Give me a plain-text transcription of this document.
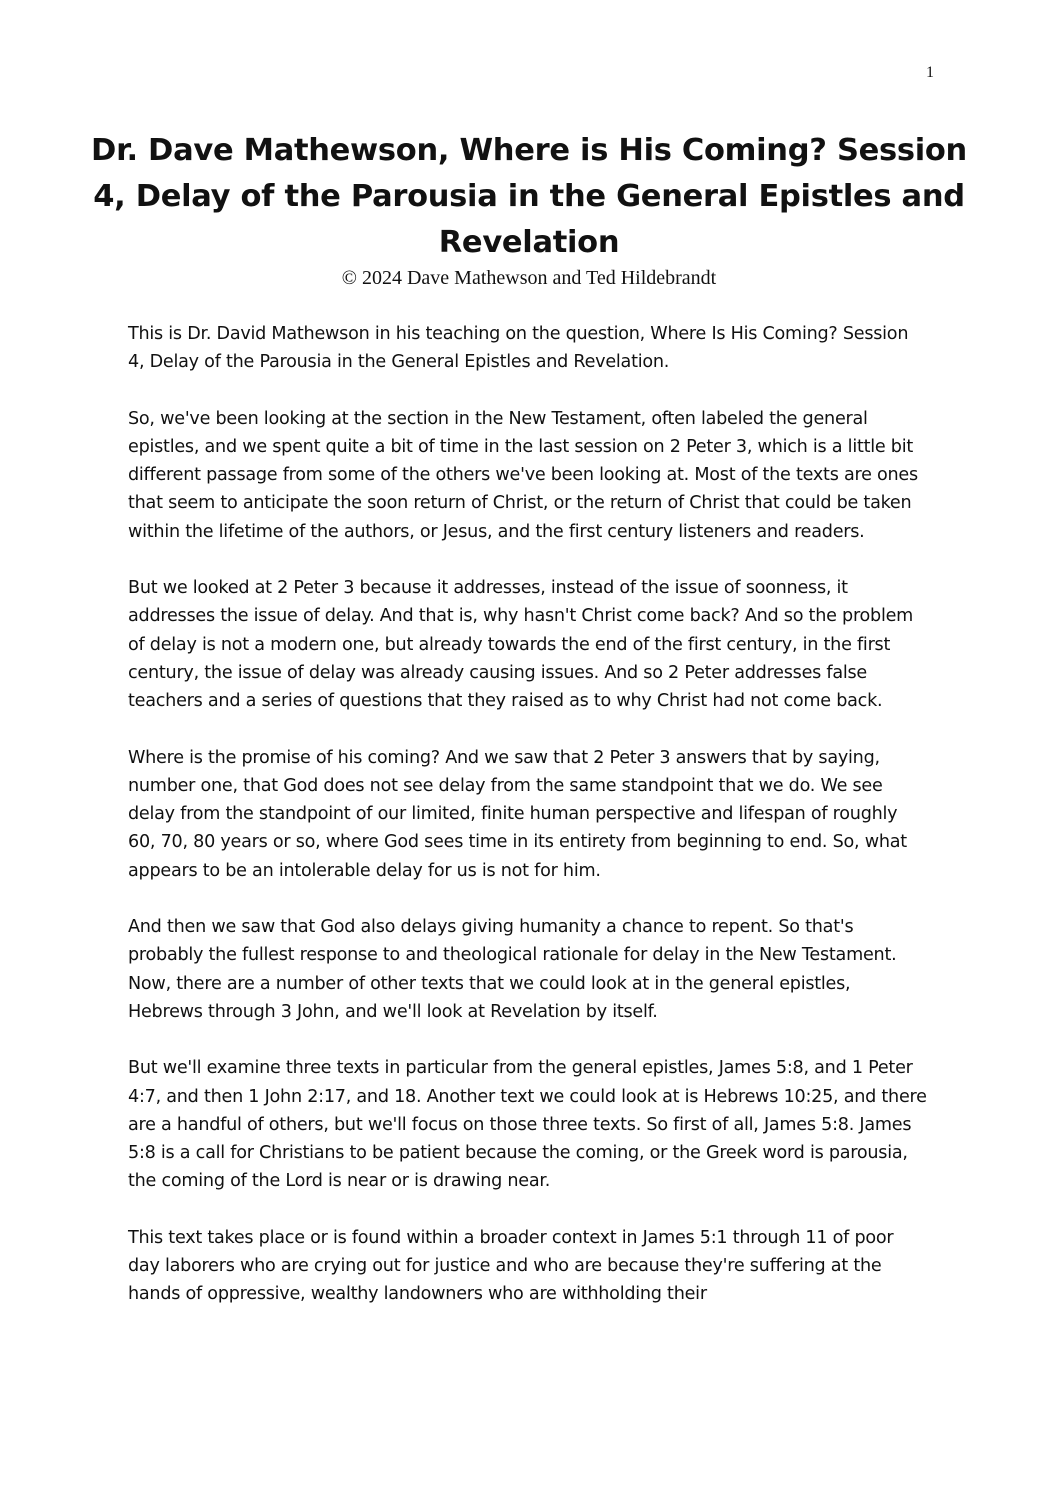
1
Dr. Dave Mathewson, Where is His Coming? Session 4, Delay of the Parousia in the General Epistles and Revelation
© 2024 Dave Mathewson and Ted Hildebrandt

This is Dr. David Mathewson in his teaching on the question, Where Is His Coming? Session 4, Delay of the Parousia in the General Epistles and Revelation.

So, we've been looking at the section in the New Testament, often labeled the general epistles, and we spent quite a bit of time in the last session on 2 Peter 3, which is a little bit different passage from some of the others we've been looking at. Most of the texts are ones that seem to anticipate the soon return of Christ, or the return of Christ that could be taken within the lifetime of the authors, or Jesus, and the first century listeners and readers.

But we looked at 2 Peter 3 because it addresses, instead of the issue of soonness, it addresses the issue of delay. And that is, why hasn't Christ come back? And so the problem of delay is not a modern one, but already towards the end of the first century, in the first century, the issue of delay was already causing issues. And so 2 Peter addresses false teachers and a series of questions that they raised as to why Christ had not come back.

Where is the promise of his coming? And we saw that 2 Peter 3 answers that by saying, number one, that God does not see delay from the same standpoint that we do. We see delay from the standpoint of our limited, finite human perspective and lifespan of roughly 60, 70, 80 years or so, where God sees time in its entirety from beginning to end. So, what appears to be an intolerable delay for us is not for him.

And then we saw that God also delays giving humanity a chance to repent. So that's probably the fullest response to and theological rationale for delay in the New Testament. Now, there are a number of other texts that we could look at in the general epistles, Hebrews through 3 John, and we'll look at Revelation by itself.

But we'll examine three texts in particular from the general epistles, James 5:8, and 1 Peter 4:7, and then 1 John 2:17, and 18. Another text we could look at is Hebrews 10:25, and there are a handful of others, but we'll focus on those three texts. So first of all, James 5:8. James 5:8 is a call for Christians to be patient because the coming, or the Greek word is parousia, the coming of the Lord is near or is drawing near.

This text takes place or is found within a broader context in James 5:1 through 11 of poor day laborers who are crying out for justice and who are because they're suffering at the hands of oppressive, wealthy landowners who are withholding their
